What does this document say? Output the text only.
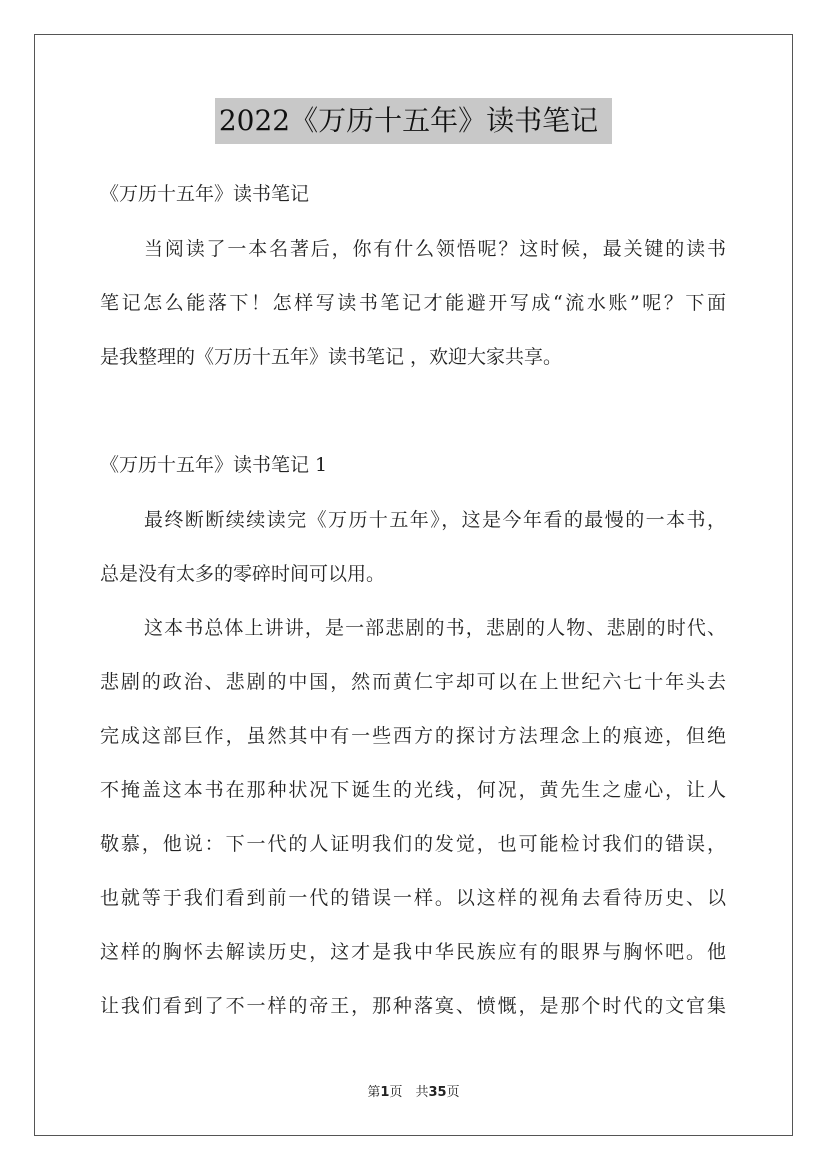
2022《万历十五年》读书笔记
《万历十五年》读书笔记
当阅读了一本名著后，你有什么领悟呢？这时候，最关键的读书
笔记怎么能落下！怎样写读书笔记才能避开写成“流水账”呢？下面
是我整理的《万历十五年》读书笔记 ，欢迎大家共享。
《万历十五年》读书笔记 1
最终断断续续读完《万历十五年》，这是今年看的最慢的一本书，
总是没有太多的零碎时间可以用。
这本书总体上讲讲，是一部悲剧的书，悲剧的人物、悲剧的时代、
悲剧的政治、悲剧的中国，然而黄仁宇却可以在上世纪六七十年头去
完成这部巨作，虽然其中有一些西方的探讨方法理念上的痕迹，但绝
不掩盖这本书在那种状况下诞生的光线，何况，黄先生之虚心，让人
敬慕，他说：下一代的人证明我们的发觉，也可能检讨我们的错误，
也就等于我们看到前一代的错误一样。以这样的视角去看待历史、以
这样的胸怀去解读历史，这才是我中华民族应有的眼界与胸怀吧。他
让我们看到了不一样的帝王，那种落寞、愤慨，是那个时代的文官集
第1页　共35页
